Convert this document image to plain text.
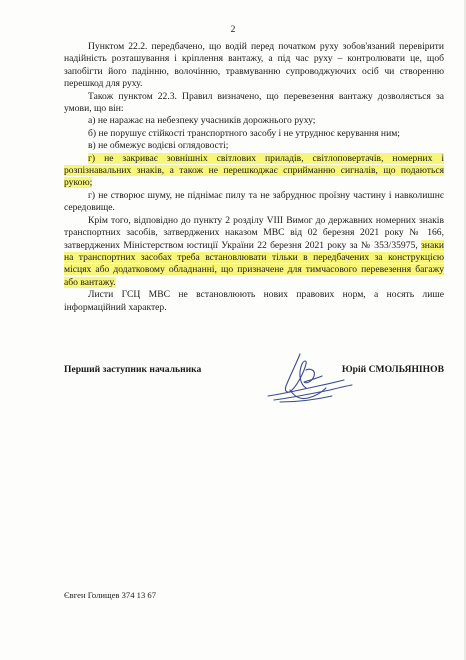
2

Пунктом 22.2. передбачено, що водій перед початком руху зобов'язаний перевірити надійність розташування і кріплення вантажу, а під час руху – контролювати це, щоб запобігти його падінню, волочінню, травмуванню супроводжуючих осіб чи створенню перешкод для руху.

Також пунктом 22.3. Правил визначено, що перевезення вантажу дозволяється за умови, що він:

а) не наражає на небезпеку учасників дорожнього руху;

б) не порушує стійкості транспортного засобу і не утруднює керування ним;

в) не обмежує водієві оглядовості;

г) не закриває зовнішніх світлових приладів, світлоповертачів, номерних і розпізнавальних знаків, а також не перешкоджає сприйманню сигналів, що подаються рукою;

г) не створює шуму, не піднімає пилу та не забруднює проїзну частину і навколишнє середовище.

Крім того, відповідно до пункту 2 розділу VIII Вимог до державних номерних знаків транспортних засобів, затверджених наказом МВС від 02 березня 2021 року № 166, затверджених Міністерством юстиції України 22 березня 2021 року за № 353/35975, знаки на транспортних засобах треба встановлювати тільки в передбачених за конструкцією місцях або додатковому обладнанні, що призначене для тимчасового перевезення багажу або вантажу.

Листи ГСЦ МВС не встановлюють нових правових норм, а носять лише інформаційний характер.

Перший заступник начальника	Юрій СМОЛЬЯНІНОВ
Євген Голищев 374 13 67
